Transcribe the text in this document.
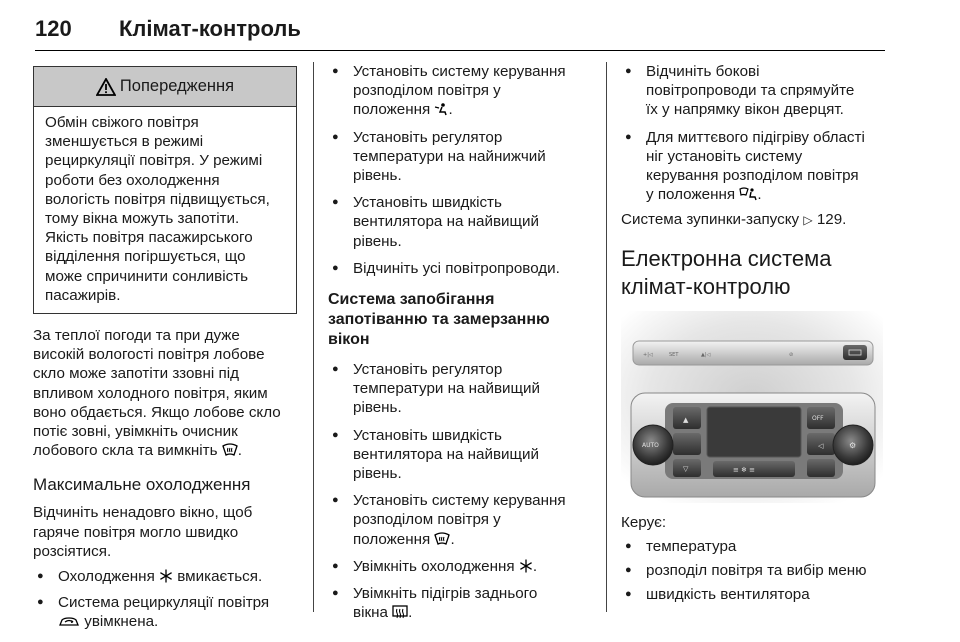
120 Клімат-контроль
Попередження
Обмін свіжого повітря
зменшується в режимі
рециркуляції повітря. У режимі
роботи без охолодження
вологість повітря підвищується,
тому вікна можуть запотіти.
Якість повітря пасажирського
відділення погіршується, що
може спричинити сонливість
пасажирів.

За теплої погоди та при дуже
високій вологості повітря лобове
скло може запотіти ззовні під
впливом холодного повітря, яким
воно обдається. Якщо лобове скло
потіє зовні, увімкніть очисник
лобового скла та вимкніть .

Максимальне охолодження

Відчиніть ненадовго вікно, щоб
гаряче повітря могло швидко
розсіятися.

● Охолодження вмикається.
● Система рециркуляції повітря
увімкнена.
● Установіть систему керування
розподілом повітря у
положення .
● Установіть регулятор
температури на найнижчий
рівень.
● Установіть швидкість
вентилятора на найвищий
рівень.
● Відчиніть усі повітропроводи.
Система запобігання
запотіванню та замерзанню
вікон
● Установіть регулятор
температури на найвищий
рівень.
● Установіть швидкість
вентилятора на найвищий
рівень.
● Установіть систему керування
розподілом повітря у
положення .
● Увімкніть охолодження .
● Увімкніть підігрів заднього
вікна .
● Відчиніть бокові
повітропроводи та спрямуйте
їх у напрямку вікон дверцят.
● Для миттєвого підігріву області
ніг установіть систему
керування розподілом повітря
у положення .

Система зупинки-запуску ▷ 129.

Електронна система
клімат-контролю
+|◁	SET	▲|◁	⊘
▲
▽
◁
≡ ❄ ≡
AUTO
OFF
⚙

Керує:

● температура
● розподіл повітря та вибір меню
● швидкість вентилятора
